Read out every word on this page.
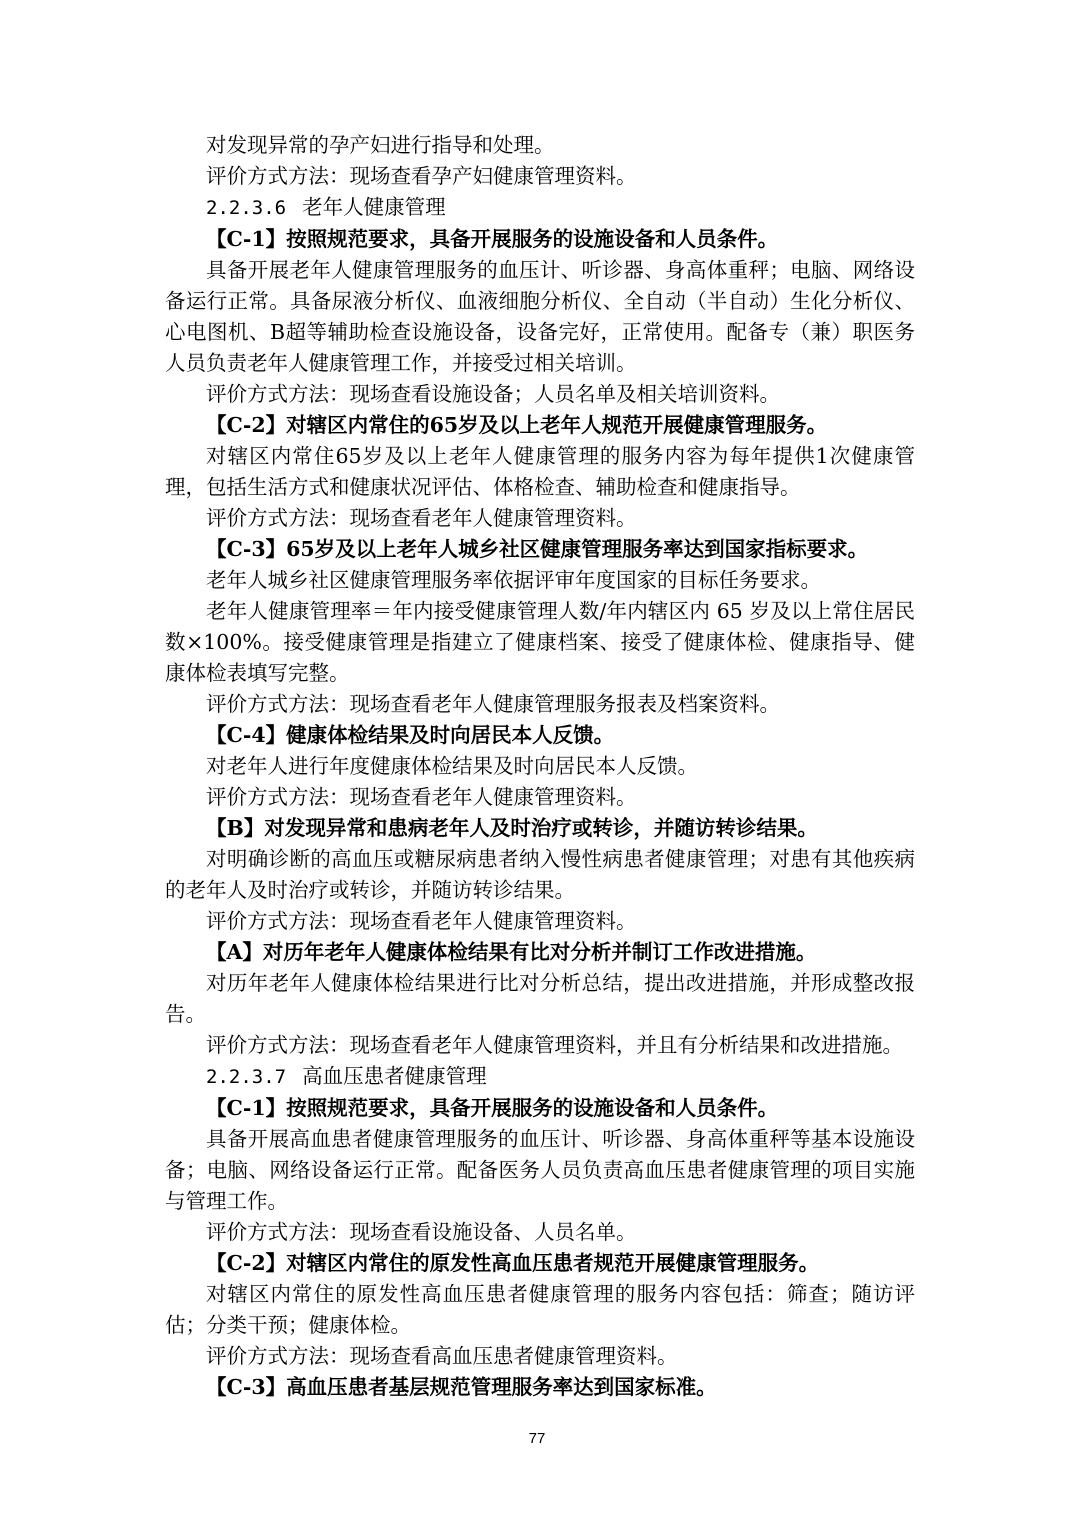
对发现异常的孕产妇进行指导和处理。

评价方式方法：现场查看孕产妇健康管理资料。

2.2.3.6 老年人健康管理

【C-1】按照规范要求，具备开展服务的设施设备和人员条件。

具备开展老年人健康管理服务的血压计、听诊器、身高体重秤；电脑、网络设备运行正常。具备尿液分析仪、血液细胞分析仪、全自动（半自动）生化分析仪、心电图机、B超等辅助检查设施设备，设备完好，正常使用。配备专（兼）职医务人员负责老年人健康管理工作，并接受过相关培训。

评价方式方法：现场查看设施设备；人员名单及相关培训资料。

【C-2】对辖区内常住的65岁及以上老年人规范开展健康管理服务。

对辖区内常住65岁及以上老年人健康管理的服务内容为每年提供1次健康管理，包括生活方式和健康状况评估、体格检查、辅助检查和健康指导。

评价方式方法：现场查看老年人健康管理资料。

【C-3】65岁及以上老年人城乡社区健康管理服务率达到国家指标要求。

老年人城乡社区健康管理服务率依据评审年度国家的目标任务要求。

老年人健康管理率＝年内接受健康管理人数/年内辖区内 65 岁及以上常住居民数×100%。接受健康管理是指建立了健康档案、接受了健康体检、健康指导、健康体检表填写完整。

评价方式方法：现场查看老年人健康管理服务报表及档案资料。

【C-4】健康体检结果及时向居民本人反馈。

对老年人进行年度健康体检结果及时向居民本人反馈。

评价方式方法：现场查看老年人健康管理资料。

【B】对发现异常和患病老年人及时治疗或转诊，并随访转诊结果。

对明确诊断的高血压或糖尿病患者纳入慢性病患者健康管理；对患有其他疾病的老年人及时治疗或转诊，并随访转诊结果。

评价方式方法：现场查看老年人健康管理资料。

【A】对历年老年人健康体检结果有比对分析并制订工作改进措施。

对历年老年人健康体检结果进行比对分析总结，提出改进措施，并形成整改报告。

评价方式方法：现场查看老年人健康管理资料，并且有分析结果和改进措施。

2.2.3.7 高血压患者健康管理

【C-1】按照规范要求，具备开展服务的设施设备和人员条件。

具备开展高血患者健康管理服务的血压计、听诊器、身高体重秤等基本设施设备；电脑、网络设备运行正常。配备医务人员负责高血压患者健康管理的项目实施与管理工作。

评价方式方法：现场查看设施设备、人员名单。

【C-2】对辖区内常住的原发性高血压患者规范开展健康管理服务。

对辖区内常住的原发性高血压患者健康管理的服务内容包括：筛查；随访评估；分类干预；健康体检。

评价方式方法：现场查看高血压患者健康管理资料。

【C-3】高血压患者基层规范管理服务率达到国家标准。

77
